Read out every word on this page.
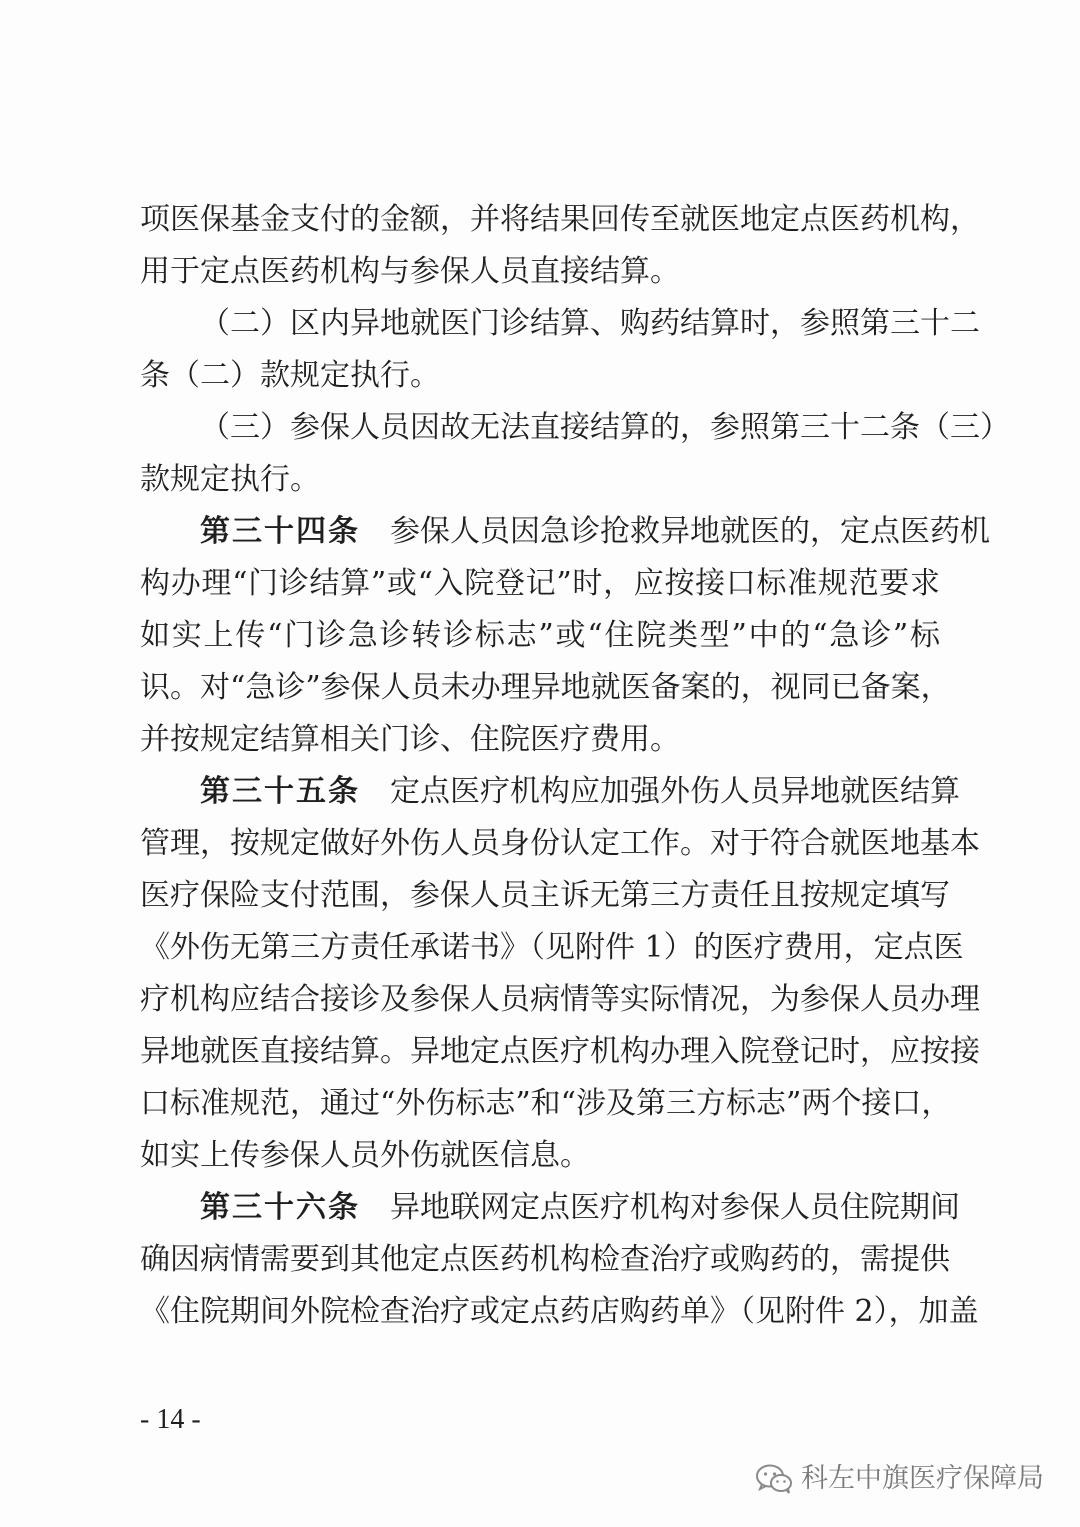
项医保基金支付的金额，并将结果回传至就医地定点医药机构，
用于定点医药机构与参保人员直接结算。
（二）区内异地就医门诊结算、购药结算时，参照第三十二
条（二）款规定执行。
（三）参保人员因故无法直接结算的，参照第三十二条（三）
款规定执行。
第三十四条 参保人员因急诊抢救异地就医的，定点医药机
构办理“门诊结算”或“入院登记”时，应按接口标准规范要求
如实上传“门诊急诊转诊标志”或“住院类型”中的“急诊”标
识。对“急诊”参保人员未办理异地就医备案的，视同已备案，
并按规定结算相关门诊、住院医疗费用。
第三十五条 定点医疗机构应加强外伤人员异地就医结算
管理，按规定做好外伤人员身份认定工作。对于符合就医地基本
医疗保险支付范围，参保人员主诉无第三方责任且按规定填写
《外伤无第三方责任承诺书》（见附件 1）的医疗费用，定点医
疗机构应结合接诊及参保人员病情等实际情况，为参保人员办理
异地就医直接结算。异地定点医疗机构办理入院登记时，应按接
口标准规范，通过“外伤标志”和“涉及第三方标志”两个接口，
如实上传参保人员外伤就医信息。
第三十六条 异地联网定点医疗机构对参保人员住院期间
确因病情需要到其他定点医药机构检查治疗或购药的，需提供
《住院期间外院检查治疗或定点药店购药单》（见附件 2），加盖
- 14 -
科左中旗医疗保障局
